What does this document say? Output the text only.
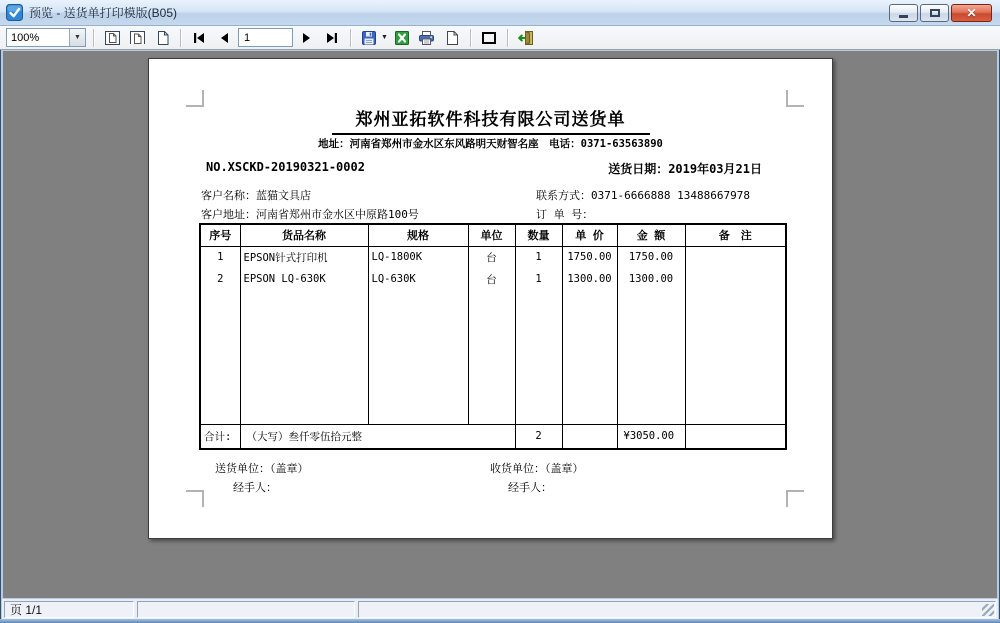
预览 - 送货单打印模版(B05)	✕
100%	▼
1	▼
郑州亚拓软件科技有限公司送货单
地址：河南省郑州市金水区东风路明天财智名座　电话：0371-63563890
NO.XSCKD-20190321-0002	送货日期：2019年03月21日
客户名称：蓝猫文具店	联系方式：0371-6666888 13488667978
客户地址：河南省郑州市金水区中原路100号	订 单 号：
序号	货品名称	规格	单位	数量	单 价	金 额	备　注
1	EPSON针式打印机	LQ-1800K	台	1	1750.00	1750.00	
2	EPSON LQ-630K	LQ-630K	台	1	1300.00	1300.00	

合计:	（大写）叁仟零伍拾元整			2		¥3050.00	
送货单位：（盖章）	收货单位：（盖章）
经手人：	经手人：
页 1/1
